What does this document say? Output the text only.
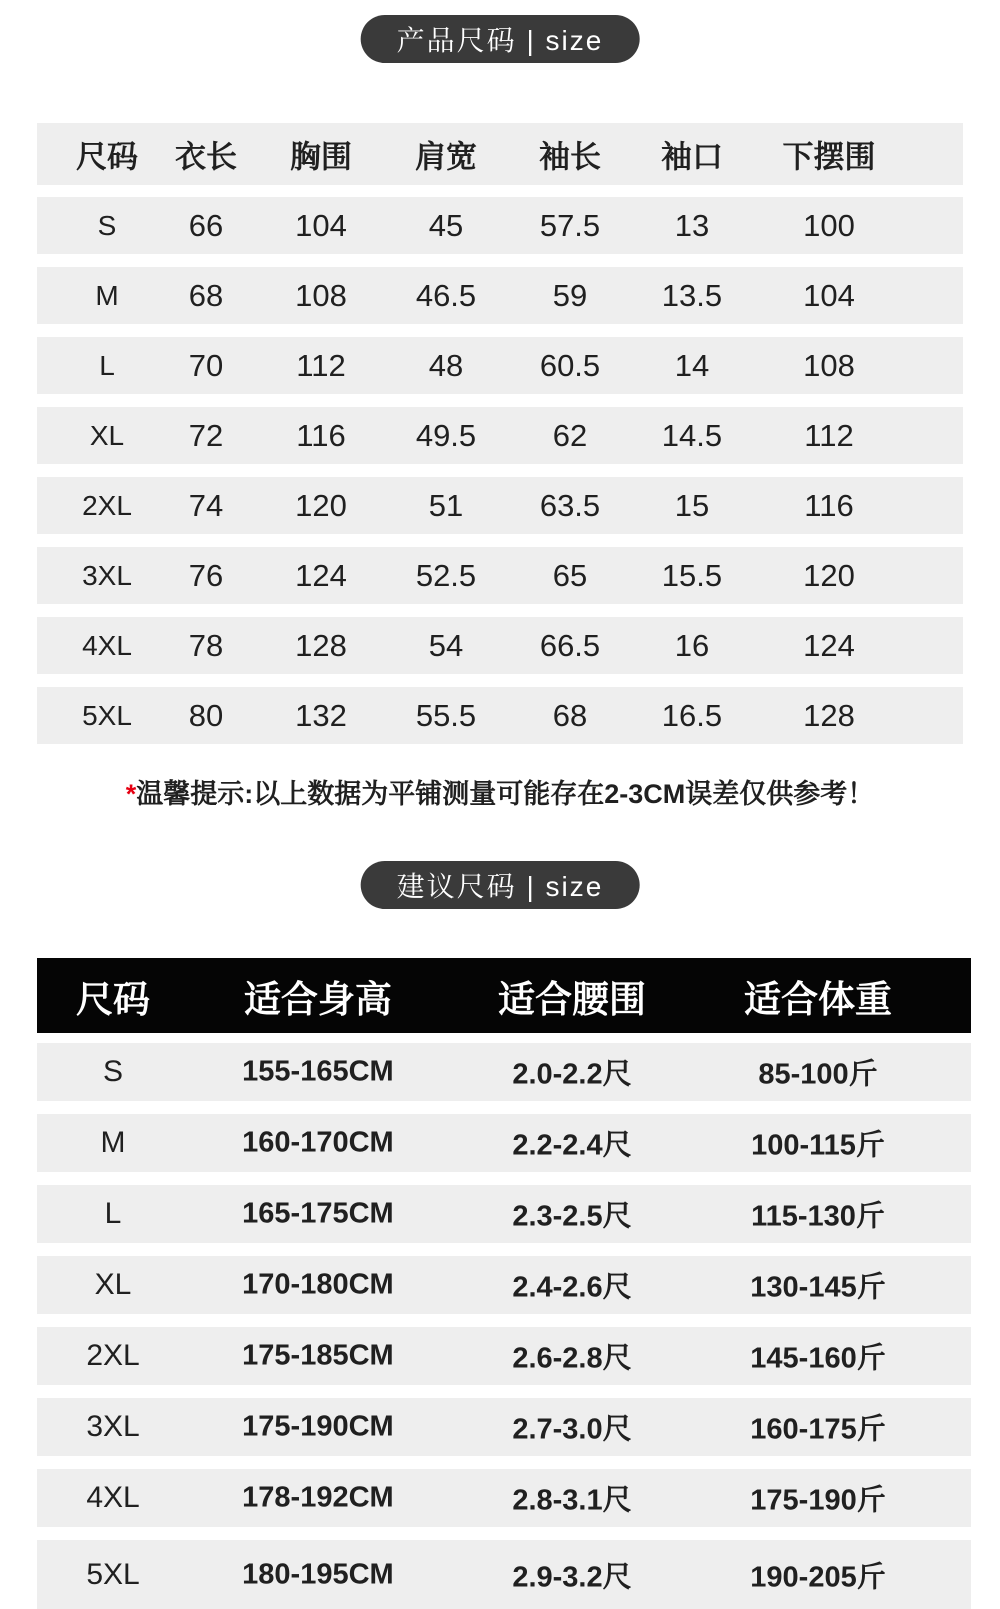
产品尺码 | size
尺码 衣长 胸围 肩宽 袖长 袖口 下摆围
S 66 104	45 57.5 13	100
M 68 108 46.5 59 13.5	104
L 70 112	48 60.5 14	108
XL 72 116 49.5 62 14.5	112
2XL 74 120	51 63.5 15	116
3XL 76 124 52.5 65 15.5	120
4XL 78 128	54 66.5 16	124
5XL 80 132 55.5 68 16.5	128
*温馨提示:以上数据为平铺测量可能存在2-3CM误差仅供参考！
建议尺码 | size
尺码	适合身高	适合腰围	适合体重
S	155-165CM	2.0-2.2尺	85-100斤
M	160-170CM	2.2-2.4尺	100-115斤
L	165-175CM	2.3-2.5尺	115-130斤
XL	170-180CM	2.4-2.6尺	130-145斤
2XL	175-185CM	2.6-2.8尺	145-160斤
3XL	175-190CM	2.7-3.0尺	160-175斤
4XL	178-192CM	2.8-3.1尺	175-190斤
5XL	180-195CM	2.9-3.2尺	190-205斤
